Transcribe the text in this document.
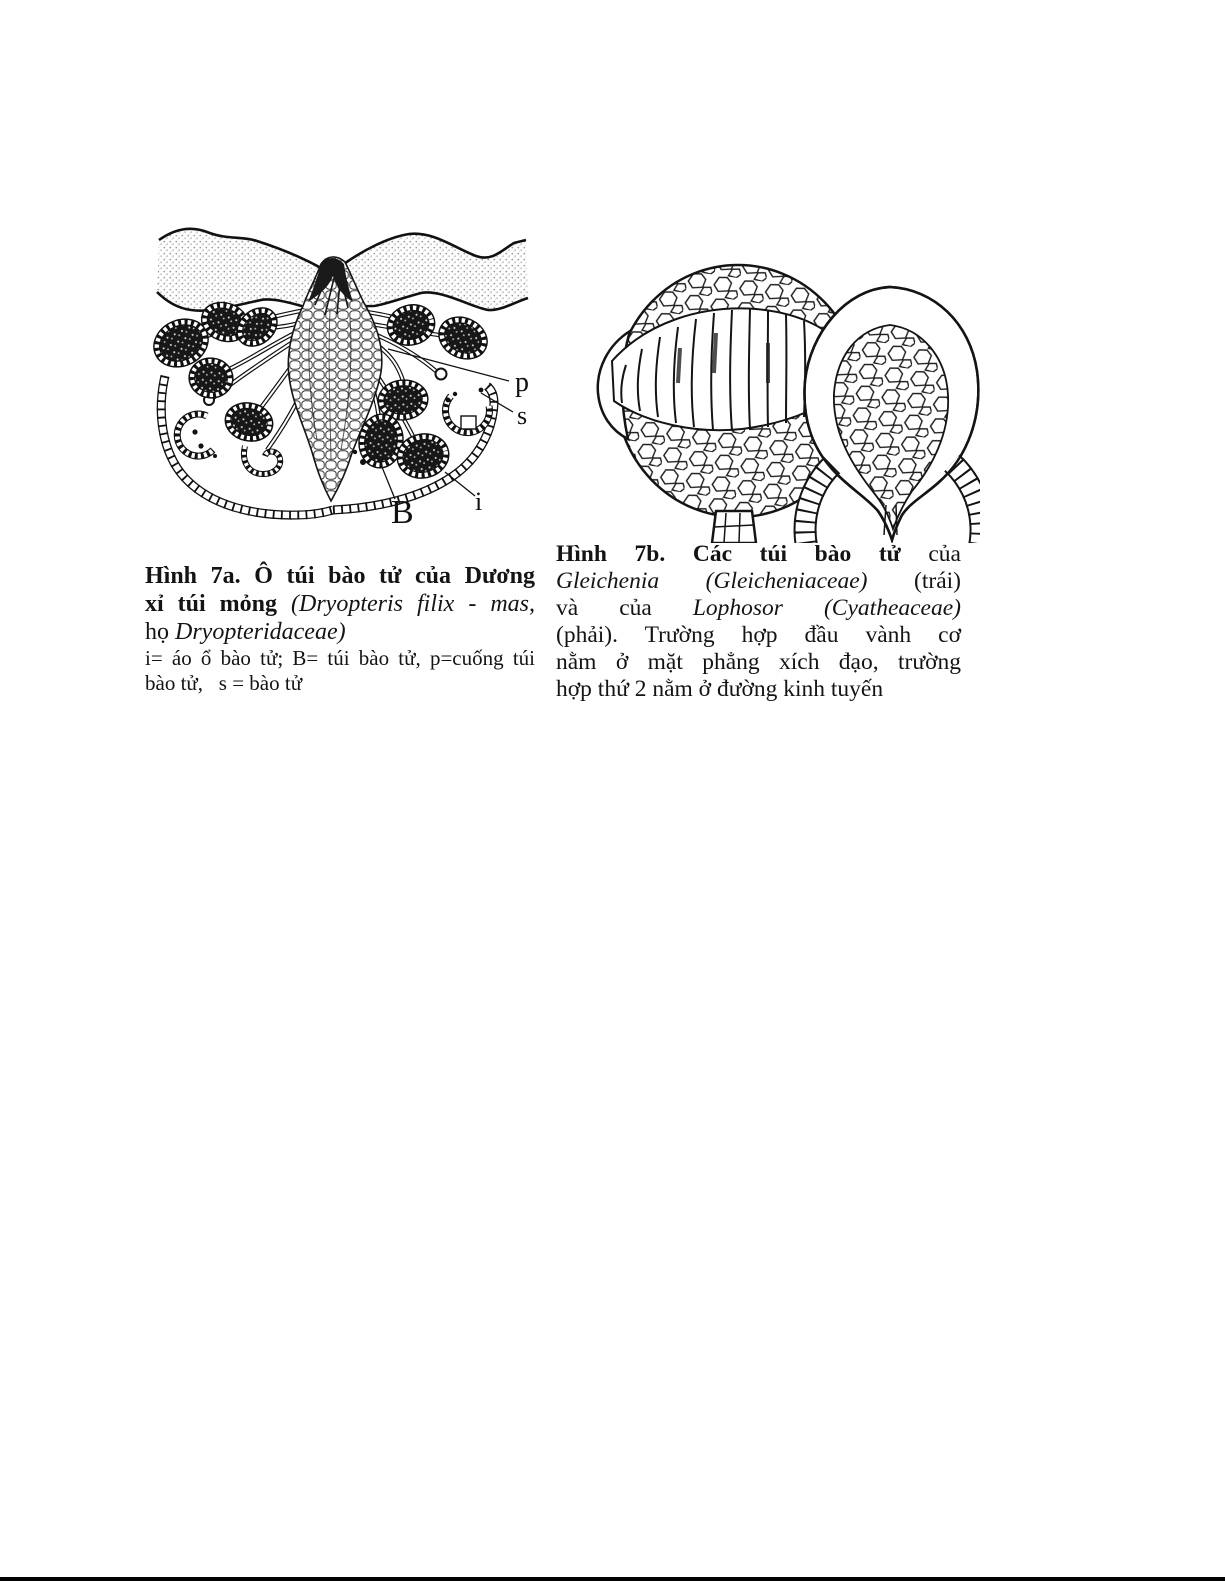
p
s
B i
Hình 7a. Ô túi bào tử của Dương
xỉ túi mỏng (Dryopteris filix - mas,
họ Dryopteridaceae)
i= áo ổ bào tử; B= túi bào tử, p=cuống túi
bào tử,   s = bào tử
Hình 7b. Các túi bào tử của
Gleichenia (Gleicheniaceae) (trái)
và của Lophosor (Cyatheaceae)
(phải). Trường hợp đầu vành cơ
nằm ở mặt phẳng xích đạo, trường
hợp thứ 2 nằm ở đường kinh tuyến
